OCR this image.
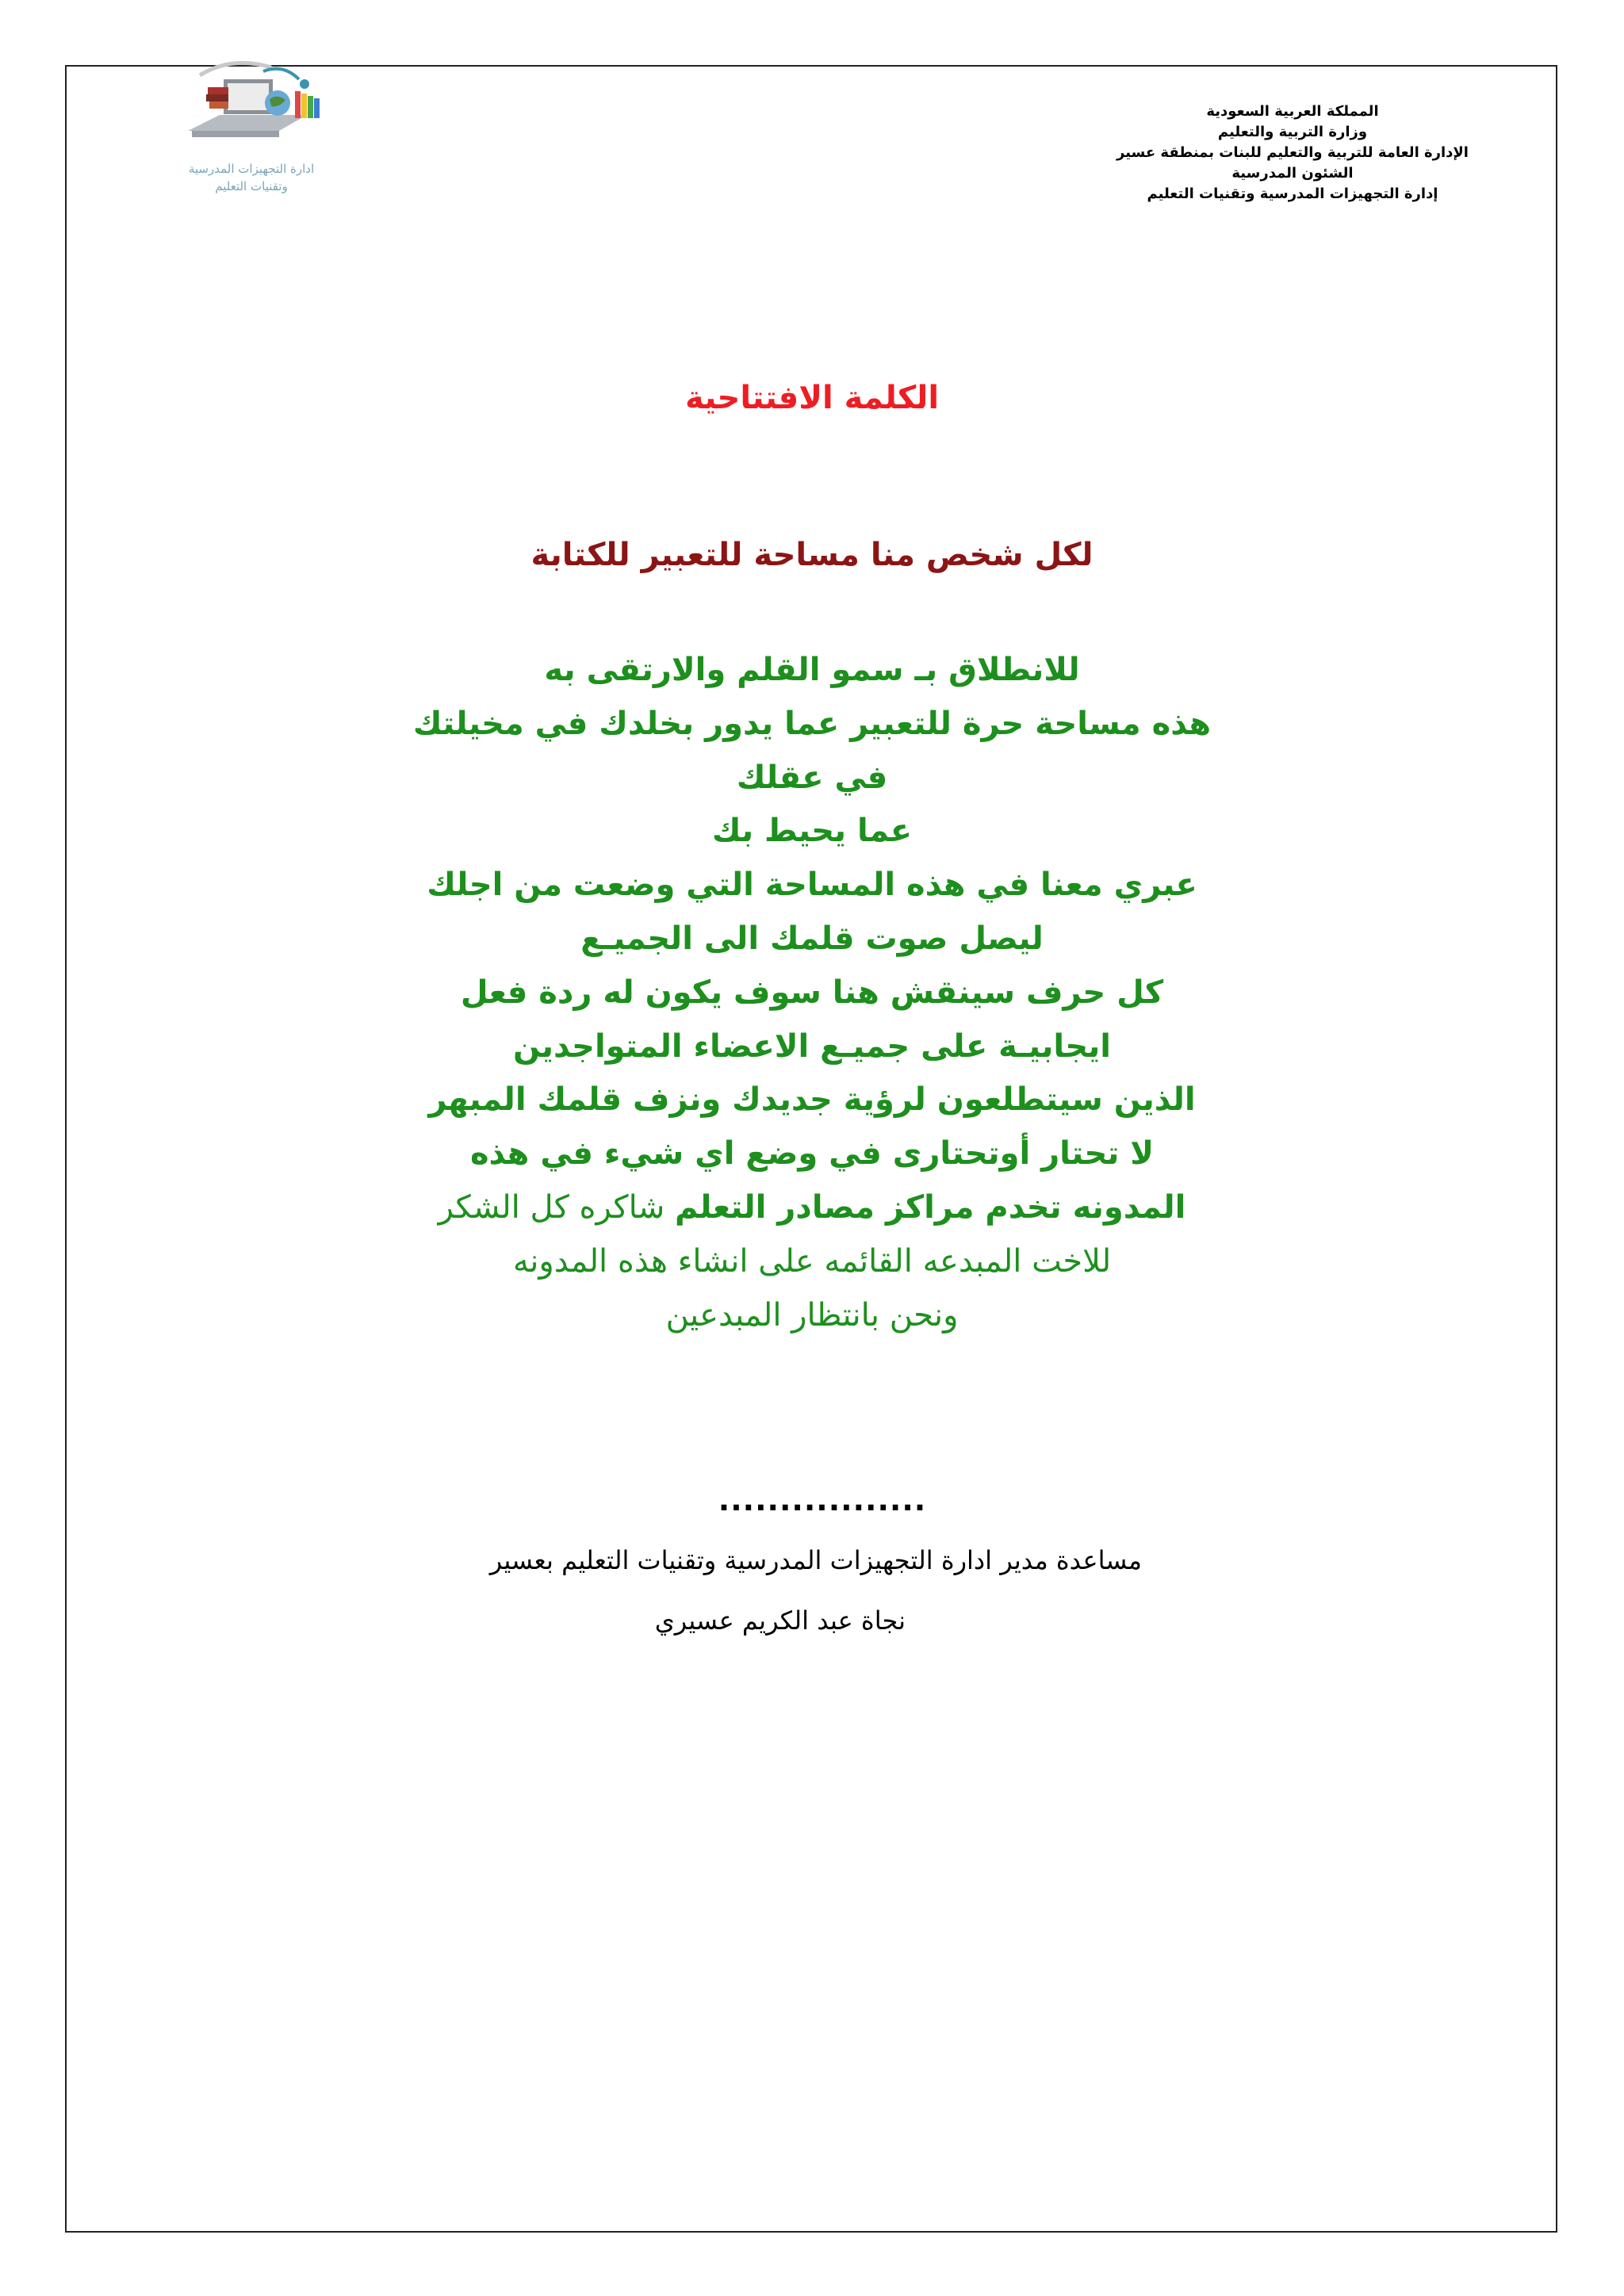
ادارة التجهيزات المدرسية
وتقنيات التعليم
المملكة العربية السعودية
وزارة التربية والتعليم
الإدارة العامة للتربية والتعليم للبنات بمنطقة عسير
الشئون المدرسية
إدارة التجهيزات المدرسية وتقنيات التعليم
الكلمة الافتتاحية
لكل شخص منا مساحة للتعبير للكتابة
للانطلاق بـ سمو القلم والارتقى به
هذه مساحة حرة للتعبير عما يدور بخلدك في مخيلتك
في عقلك
عما يحيط بك
عبري معنا في هذه المساحة التي وضعت من اجلك
ليصل صوت قلمك الى الجميـع
كل حرف سينقش هنا سوف يكون له ردة فعل
ايجابيـة على جميـع الاعضاء المتواجدين
الذين سيتطلعون لرؤية جديدك ونزف قلمك المبهر
لا تحتار أوتحتارى في وضع اي شيء في هذه
المدونه تخدم مراكز مصادر التعلم شاكره كل الشكر
للاخت المبدعه القائمه على انشاء هذه المدونه
ونحن بانتظار المبدعين
.................
مساعدة مدير ادارة التجهيزات المدرسية وتقنيات التعليم بعسير
نجاة عبد الكريم عسيري
